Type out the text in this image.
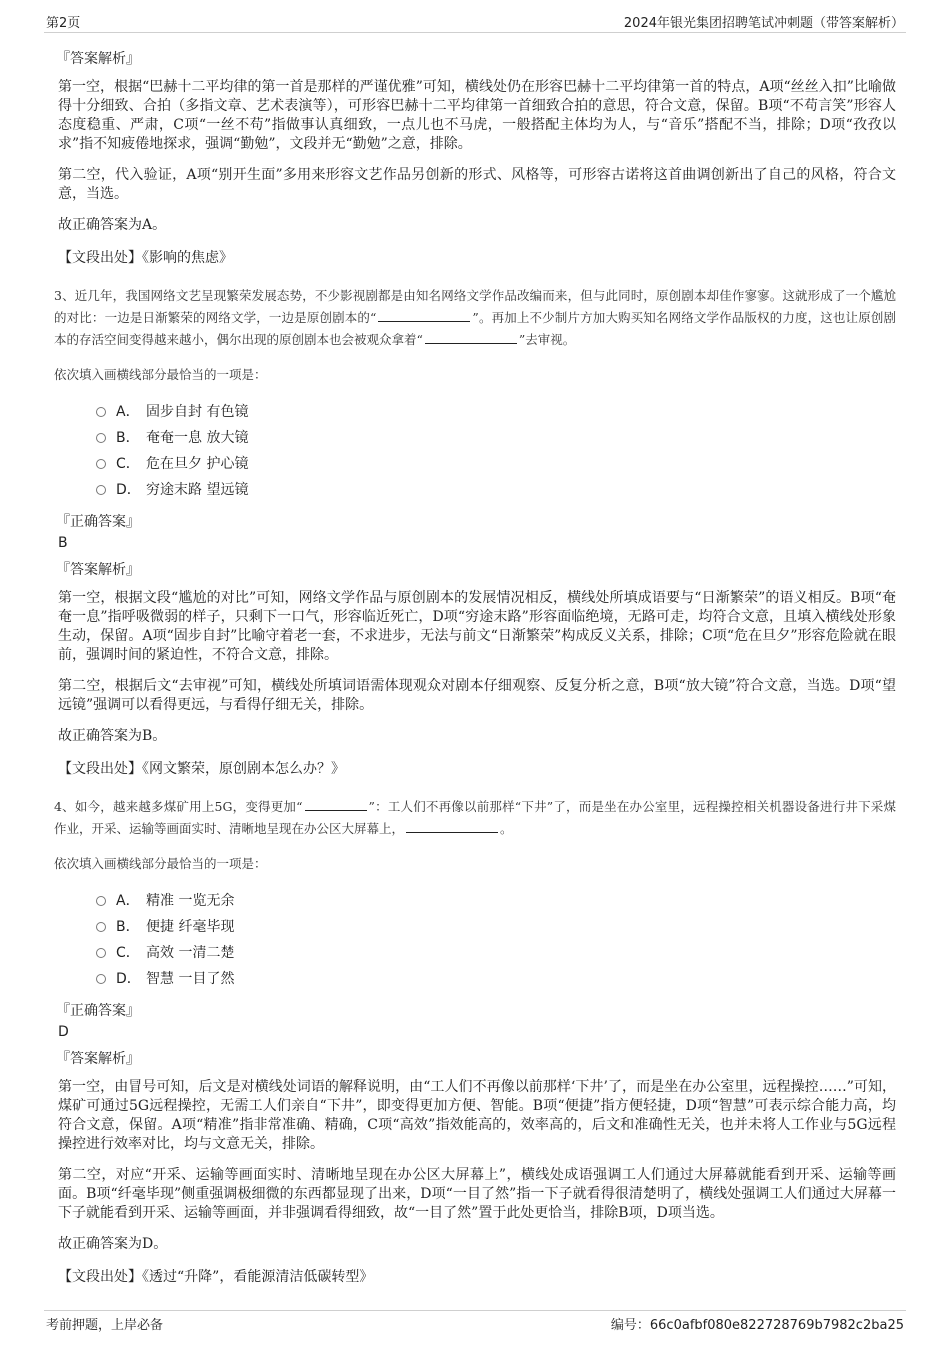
第2页	2024年银光集团招聘笔试冲刺题（带答案解析）
『答案解析』

第一空，根据“巴赫十二平均律的第一首是那样的严谨优雅”可知，横线处仍在形容巴赫十二平均律第一首的特点，A项“丝丝入扣”比喻做得十分细致、合拍（多指文章、艺术表演等），可形容巴赫十二平均律第一首细致合拍的意思，符合文意，保留。B项“不苟言笑”形容人态度稳重、严肃，C项“一丝不苟”指做事认真细致，一点儿也不马虎，一般搭配主体均为人，与“音乐”搭配不当，排除；D项“孜孜以求”指不知疲倦地探求，强调“勤勉”，文段并无“勤勉”之意，排除。

第二空，代入验证，A项“别开生面”多用来形容文艺作品另创新的形式、风格等，可形容古诺将这首曲调创新出了自己的风格，符合文意，当选。

故正确答案为A。

【文段出处】《影响的焦虑》

3、近几年，我国网络文艺呈现繁荣发展态势，不少影视剧都是由知名网络文学作品改编而来，但与此同时，原创剧本却佳作寥寥。这就形成了一个尴尬的对比：一边是日渐繁荣的网络文学，一边是原创剧本的“	”。再加上不少制片方加大购买知名网络文学作品版权的力度，这也让原创剧本的存活空间变得越来越小，偶尔出现的原创剧本也会被观众拿着“	”去审视。
依次填入画横线部分最恰当的一项是：
A． 固步自封 有色镜
B． 奄奄一息 放大镜
C． 危在旦夕 护心镜
D． 穷途末路 望远镜
『正确答案』
B
『答案解析』

第一空，根据文段“尴尬的对比”可知，网络文学作品与原创剧本的发展情况相反，横线处所填成语要与“日渐繁荣”的语义相反。B项“奄奄一息”指呼吸微弱的样子，只剩下一口气，形容临近死亡，D项“穷途末路”形容面临绝境，无路可走，均符合文意，且填入横线处形象生动，保留。A项“固步自封”比喻守着老一套，不求进步，无法与前文“日渐繁荣”构成反义关系，排除；C项“危在旦夕”形容危险就在眼前，强调时间的紧迫性，不符合文意，排除。

第二空，根据后文“去审视”可知，横线处所填词语需体现观众对剧本仔细观察、反复分析之意，B项“放大镜”符合文意，当选。D项“望远镜”强调可以看得更远，与看得仔细无关，排除。

故正确答案为B。

【文段出处】《网文繁荣，原创剧本怎么办？》

4、如今，越来越多煤矿用上5G，变得更加“	”：工人们不再像以前那样“下井”了，而是坐在办公室里，远程操控相关机器设备进行井下采煤作业，开采、运输等画面实时、清晰地呈现在办公区大屏幕上，	。
依次填入画横线部分最恰当的一项是：
A． 精准 一览无余
B． 便捷 纤毫毕现
C． 高效 一清二楚
D． 智慧 一目了然
『正确答案』
D
『答案解析』

第一空，由冒号可知，后文是对横线处词语的解释说明，由“工人们不再像以前那样‘下井’了，而是坐在办公室里，远程操控……”可知，煤矿可通过5G远程操控，无需工人们亲自“下井”，即变得更加方便、智能。B项“便捷”指方便轻捷，D项“智慧”可表示综合能力高，均符合文意，保留。A项“精准”指非常准确、精确，C项“高效”指效能高的，效率高的，后文和准确性无关，也并未将人工作业与5G远程操控进行效率对比，均与文意无关，排除。

第二空，对应“开采、运输等画面实时、清晰地呈现在办公区大屏幕上”，横线处成语强调工人们通过大屏幕就能看到开采、运输等画面。B项“纤毫毕现”侧重强调极细微的东西都显现了出来，D项“一目了然”指一下子就看得很清楚明了，横线处强调工人们通过大屏幕一下子就能看到开采、运输等画面，并非强调看得细致，故“一目了然”置于此处更恰当，排除B项，D项当选。

故正确答案为D。

【文段出处】《透过“升降”，看能源清洁低碳转型》

考前押题，上岸必备	编号：66c0afbf080e822728769b7982c2ba25
